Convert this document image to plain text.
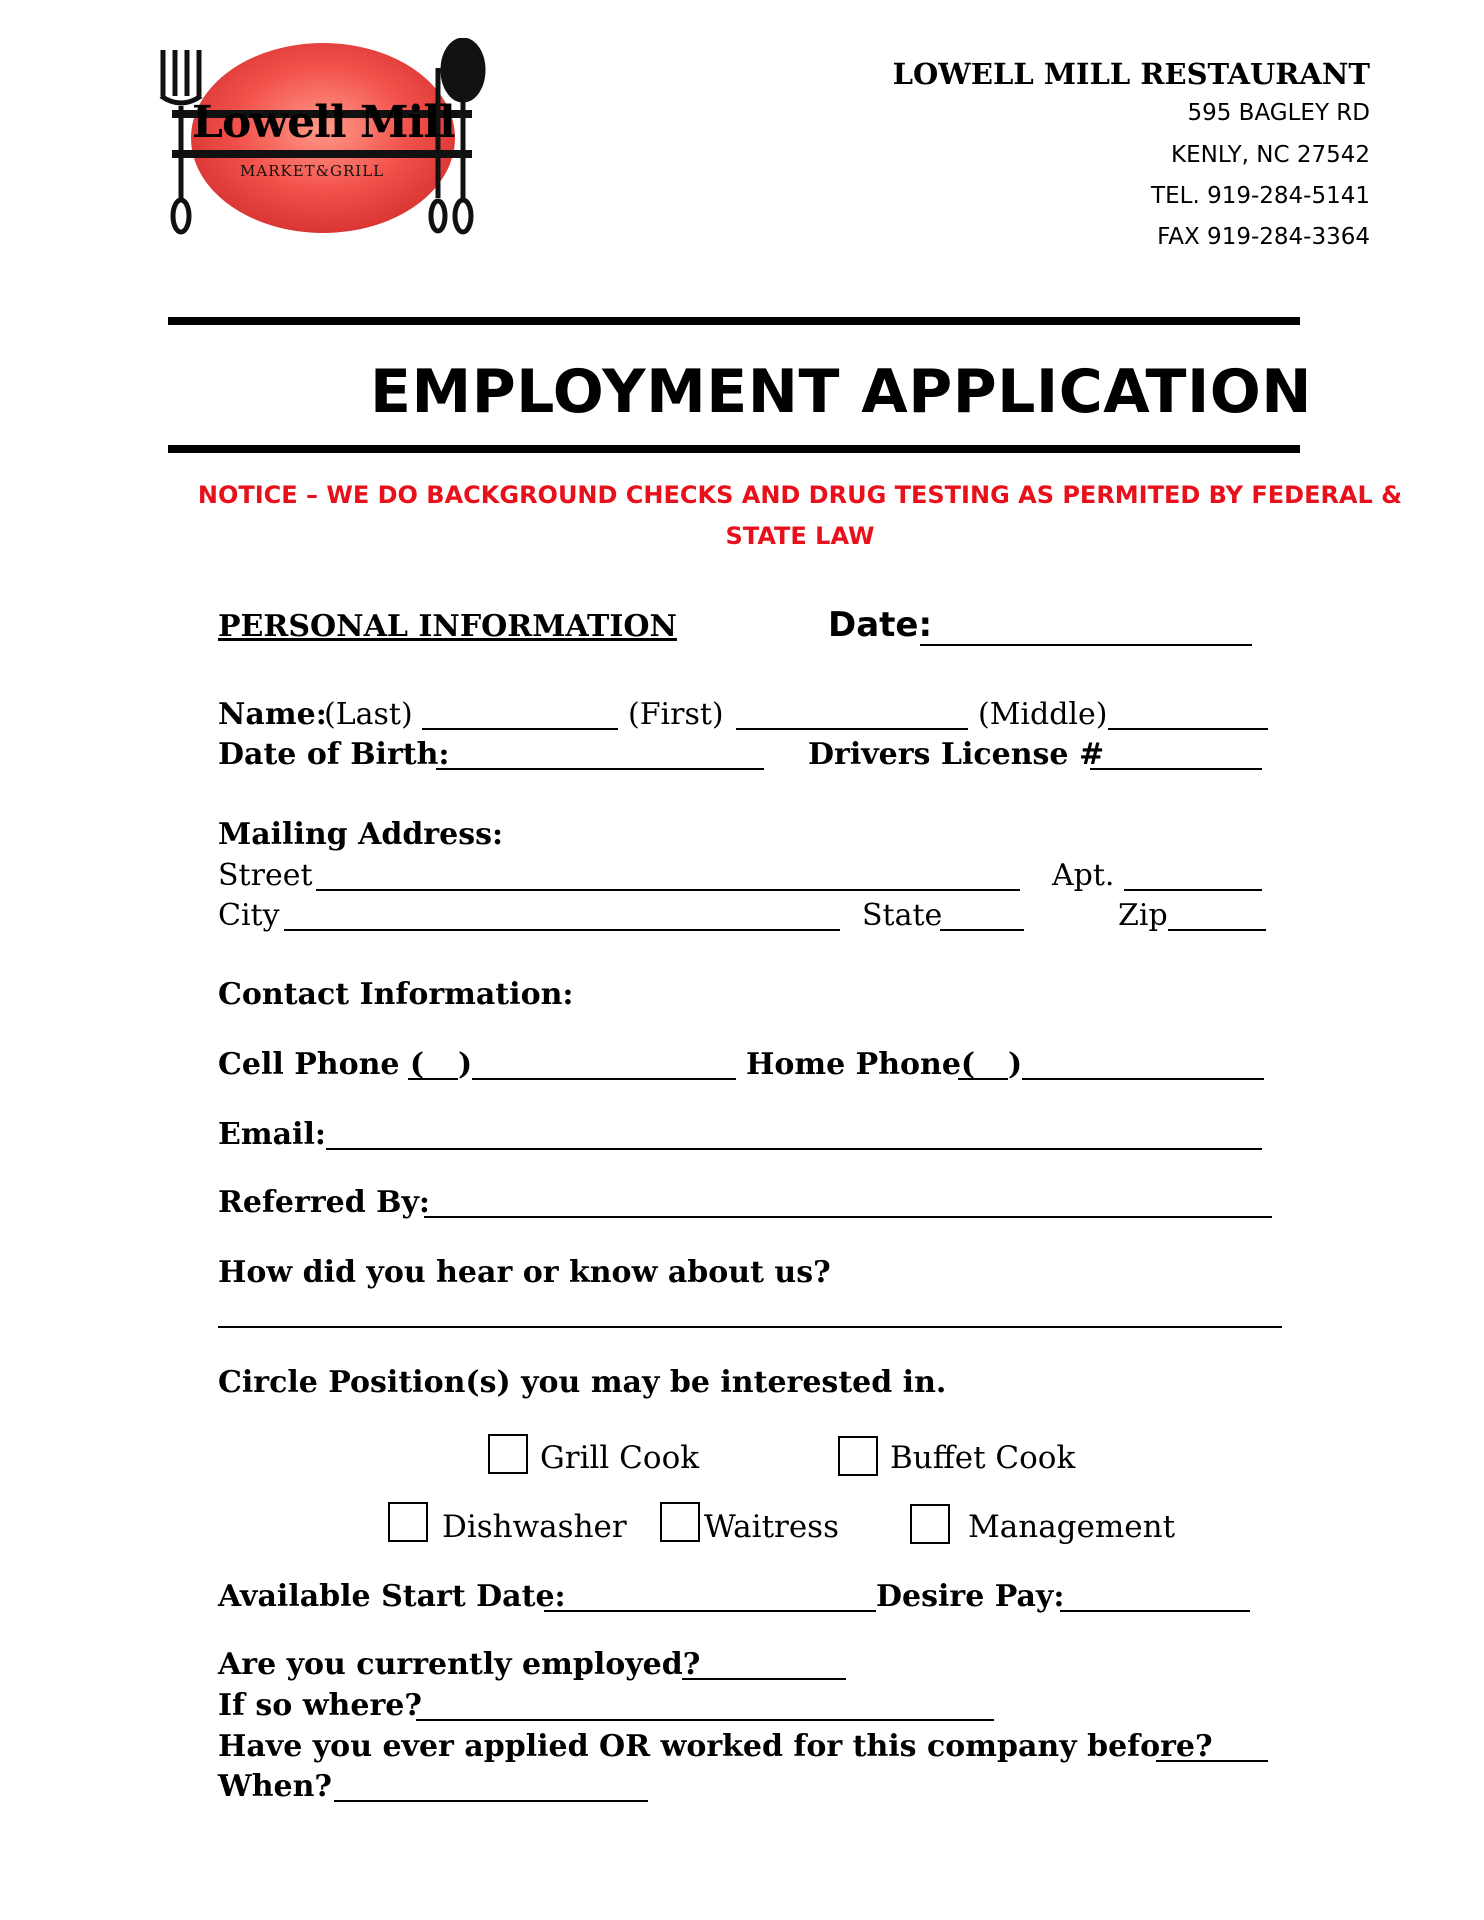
Lowell Mill
MARKET&GRILL
LOWELL MILL RESTAURANT
595 BAGLEY RD
KENLY, NC 27542
TEL. 919-284-5141
FAX 919-284-3364
EMPLOYMENT APPLICATION
NOTICE – WE DO BACKGROUND CHECKS AND DRUG TESTING AS PERMITED BY FEDERAL &
STATE LAW
PERSONAL INFORMATION	Date:
Name:
(Last)	(First)	(Middle)
Date of Birth:	Drivers License #
Mailing Address:
Street	Apt.
City	State	Zip
Contact Information:
Cell Phone ( )	Home Phone( )
Email:
Referred By:
How did you hear or know about us?
Circle Position(s) you may be interested in.
Grill Cook	Buffet Cook
Dishwasher Waitress	Management
Available Start Date:	Desire Pay:
Are you currently employed?
If so where?
Have you ever applied OR worked for this company before?
When?
